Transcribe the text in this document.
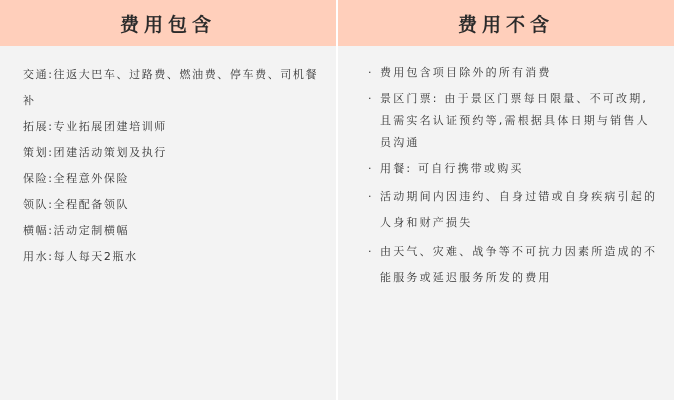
费用包含	费用不含
交通:往返大巴车、过路费、燃油费、停车费、司机餐补
拓展:专业拓展团建培训师
策划:团建活动策划及执行
保险:全程意外保险
领队:全程配备领队
横幅:活动定制横幅
用水:每人每天2瓶水
· 费用包含项目除外的所有消费
· 景区门票: 由于景区门票每日限量、不可改期,且需实名认证预约等,需根据具体日期与销售人员沟通
· 用餐: 可自行携带或购买
· 活动期间内因违约、自身过错或自身疾病引起的人身和财产损失
· 由天气、灾难、战争等不可抗力因素所造成的不能服务或延迟服务所发的费用
